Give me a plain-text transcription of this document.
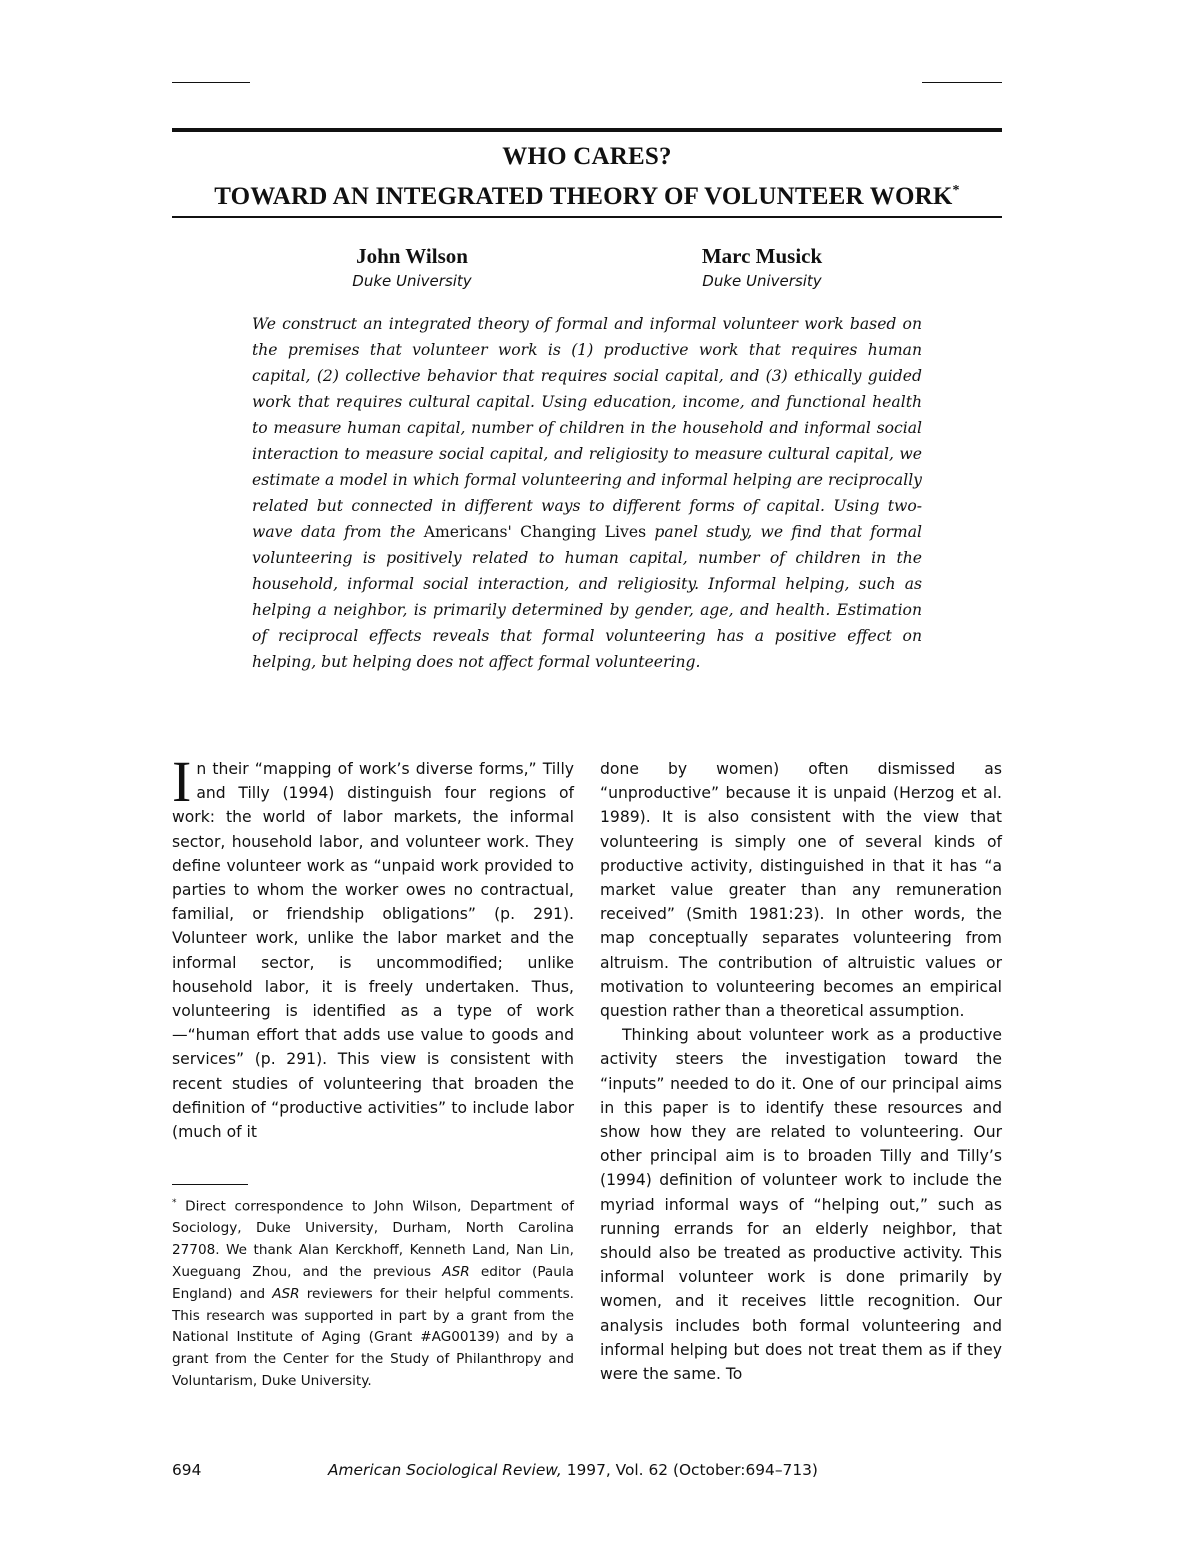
WHO CARES?
TOWARD AN INTEGRATED THEORY OF VOLUNTEER WORK*
John Wilson
Duke University
Marc Musick
Duke University
We construct an integrated theory of formal and informal volunteer work based on the premises that volunteer work is (1) productive work that requires human capital, (2) collective behavior that requires social capital, and (3) ethically guided work that requires cultural capital. Using education, income, and functional health to measure human capital, number of children in the household and informal social interaction to measure social capital, and religiosity to measure cultural capital, we estimate a model in which formal volunteering and informal helping are reciprocally related but connected in different ways to different forms of capital. Using two-wave data from the Americans' Changing Lives panel study, we find that formal volunteering is positively related to human capital, number of children in the household, informal social interaction, and religiosity. Informal helping, such as helping a neighbor, is primarily determined by gender, age, and health. Estimation of reciprocal effects reveals that formal volunteering has a positive effect on helping, but helping does not affect formal volunteering.

In their “mapping of work’s diverse forms,” Tilly and Tilly (1994) distinguish four regions of work: the world of labor markets, the informal sector, household labor, and volunteer work. They define volunteer work as “unpaid work provided to parties to whom the worker owes no contractual, familial, or friendship obligations” (p. 291). Volunteer work, unlike the labor market and the informal sector, is uncommodified; unlike household labor, it is freely undertaken. Thus, volunteering is identified as a type of work—“human effort that adds use value to goods and services” (p. 291). This view is consistent with recent studies of volunteering that broaden the definition of “productive activities” to include labor (much of it

done by women) often dismissed as “unproductive” because it is unpaid (Herzog et al. 1989). It is also consistent with the view that volunteering is simply one of several kinds of productive activity, distinguished in that it has “a market value greater than any remuneration received” (Smith 1981:23). In other words, the map conceptually separates volunteering from altruism. The contribution of altruistic values or motivation to volunteering becomes an empirical question rather than a theoretical assumption.

Thinking about volunteer work as a productive activity steers the investigation toward the “inputs” needed to do it. One of our principal aims in this paper is to identify these resources and show how they are related to volunteering. Our other principal aim is to broaden Tilly and Tilly’s (1994) definition of volunteer work to include the myriad informal ways of “helping out,” such as running errands for an elderly neighbor, that should also be treated as productive activity. This informal volunteer work is done primarily by women, and it receives little recognition. Our analysis includes both formal volunteering and informal helping but does not treat them as if they were the same. To

* Direct correspondence to John Wilson, Department of Sociology, Duke University, Durham, North Carolina 27708. We thank Alan Kerckhoff, Kenneth Land, Nan Lin, Xueguang Zhou, and the previous ASR editor (Paula England) and ASR reviewers for their helpful comments. This research was supported in part by a grant from the National Institute of Aging (Grant #AG00139) and by a grant from the Center for the Study of Philanthropy and Voluntarism, Duke University.
694	American Sociological Review, 1997, Vol. 62 (October:694–713)
